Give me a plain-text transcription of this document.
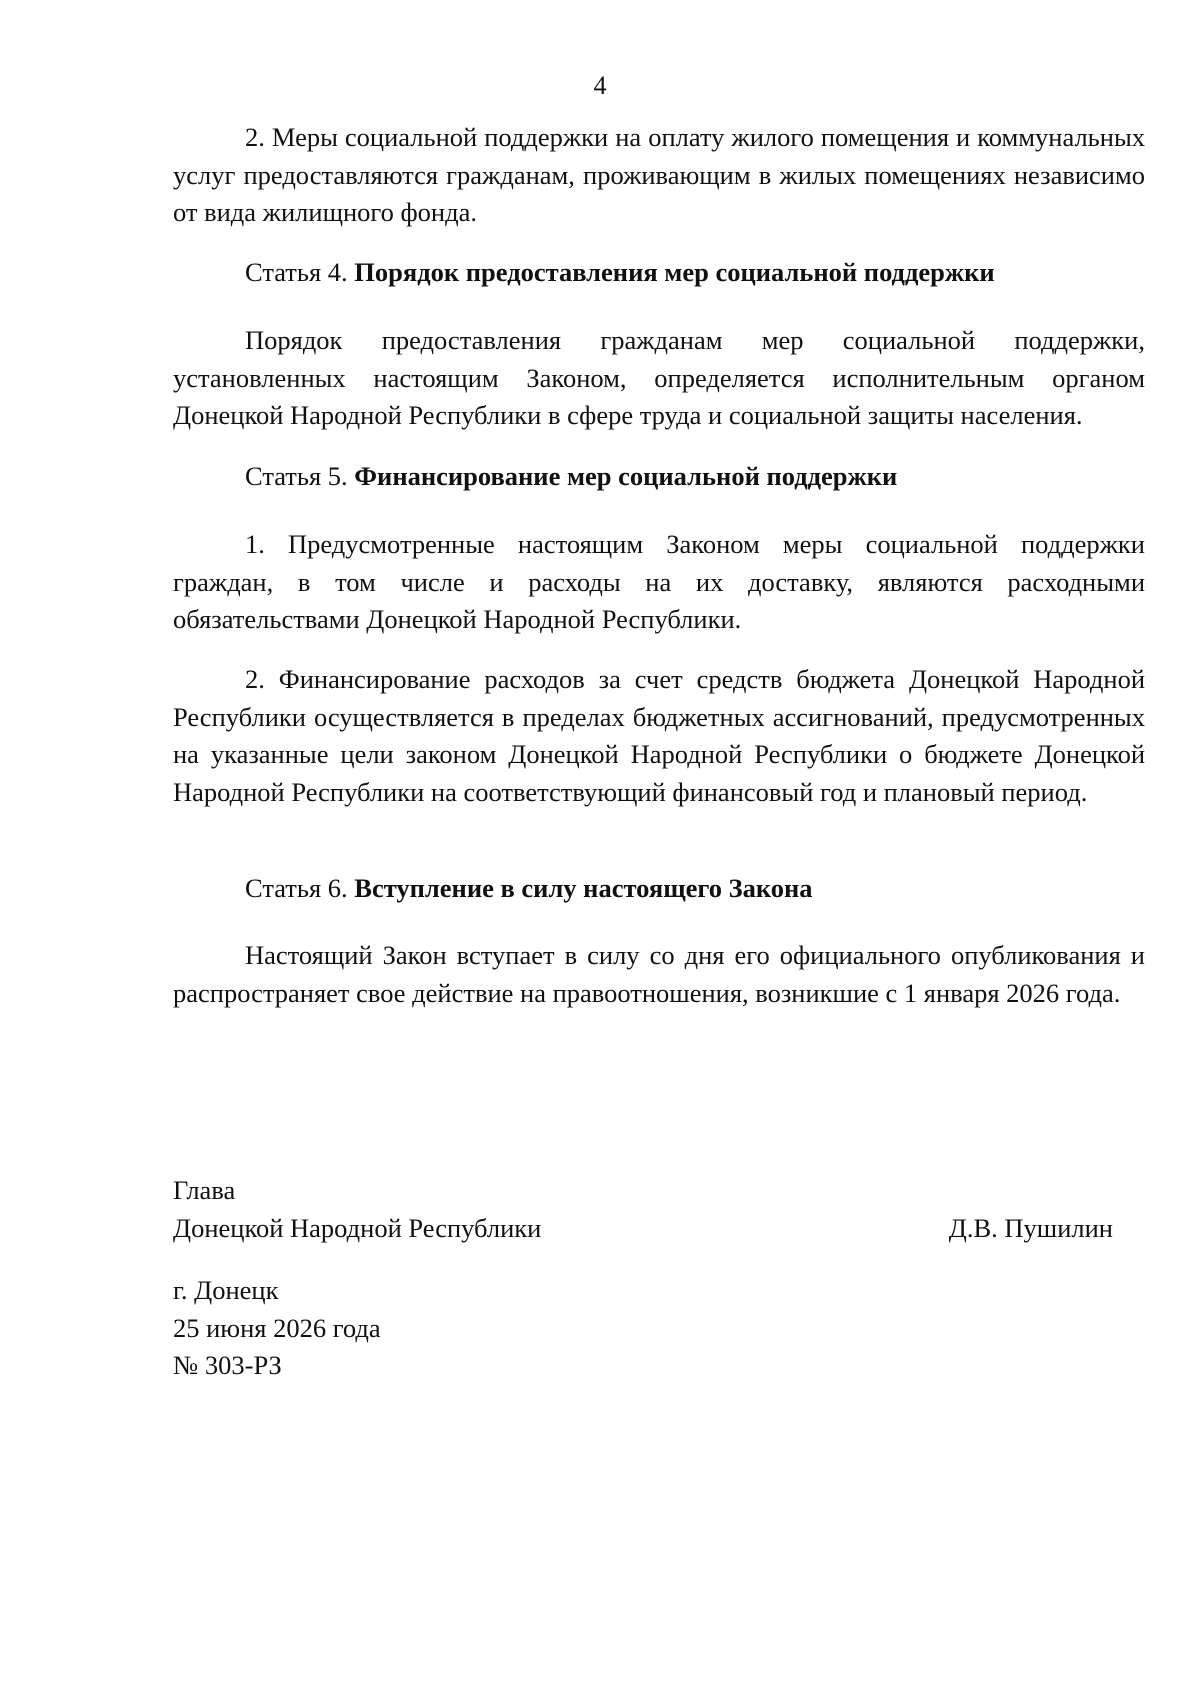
4

2. Меры социальной поддержки на оплату жилого помещения и коммунальных услуг предоставляются гражданам, проживающим в жилых помещениях независимо от вида жилищного фонда.

Статья 4. Порядок предоставления мер социальной поддержки

Порядок предоставления гражданам мер социальной поддержки, установленных настоящим Законом, определяется исполнительным органом Донецкой Народной Республики в сфере труда и социальной защиты населения.

Статья 5. Финансирование мер социальной поддержки

1. Предусмотренные настоящим Законом меры социальной поддержки граждан, в том числе и расходы на их доставку, являются расходными обязательствами Донецкой Народной Республики.

2. Финансирование расходов за счет средств бюджета Донецкой Народной Республики осуществляется в пределах бюджетных ассигнований, предусмотренных на указанные цели законом Донецкой Народной Республики о бюджете Донецкой Народной Республики на соответствующий финансовый год и плановый период.

Статья 6. Вступление в силу настоящего Закона

Настоящий Закон вступает в силу со дня его официального опубликования и распространяет свое действие на правоотношения, возникшие с 1 января 2026 года.

Глава
Донецкой Народной Республики	Д.В. Пушилин
г. Донецк
25 июня 2026 года
№ 303-РЗ
